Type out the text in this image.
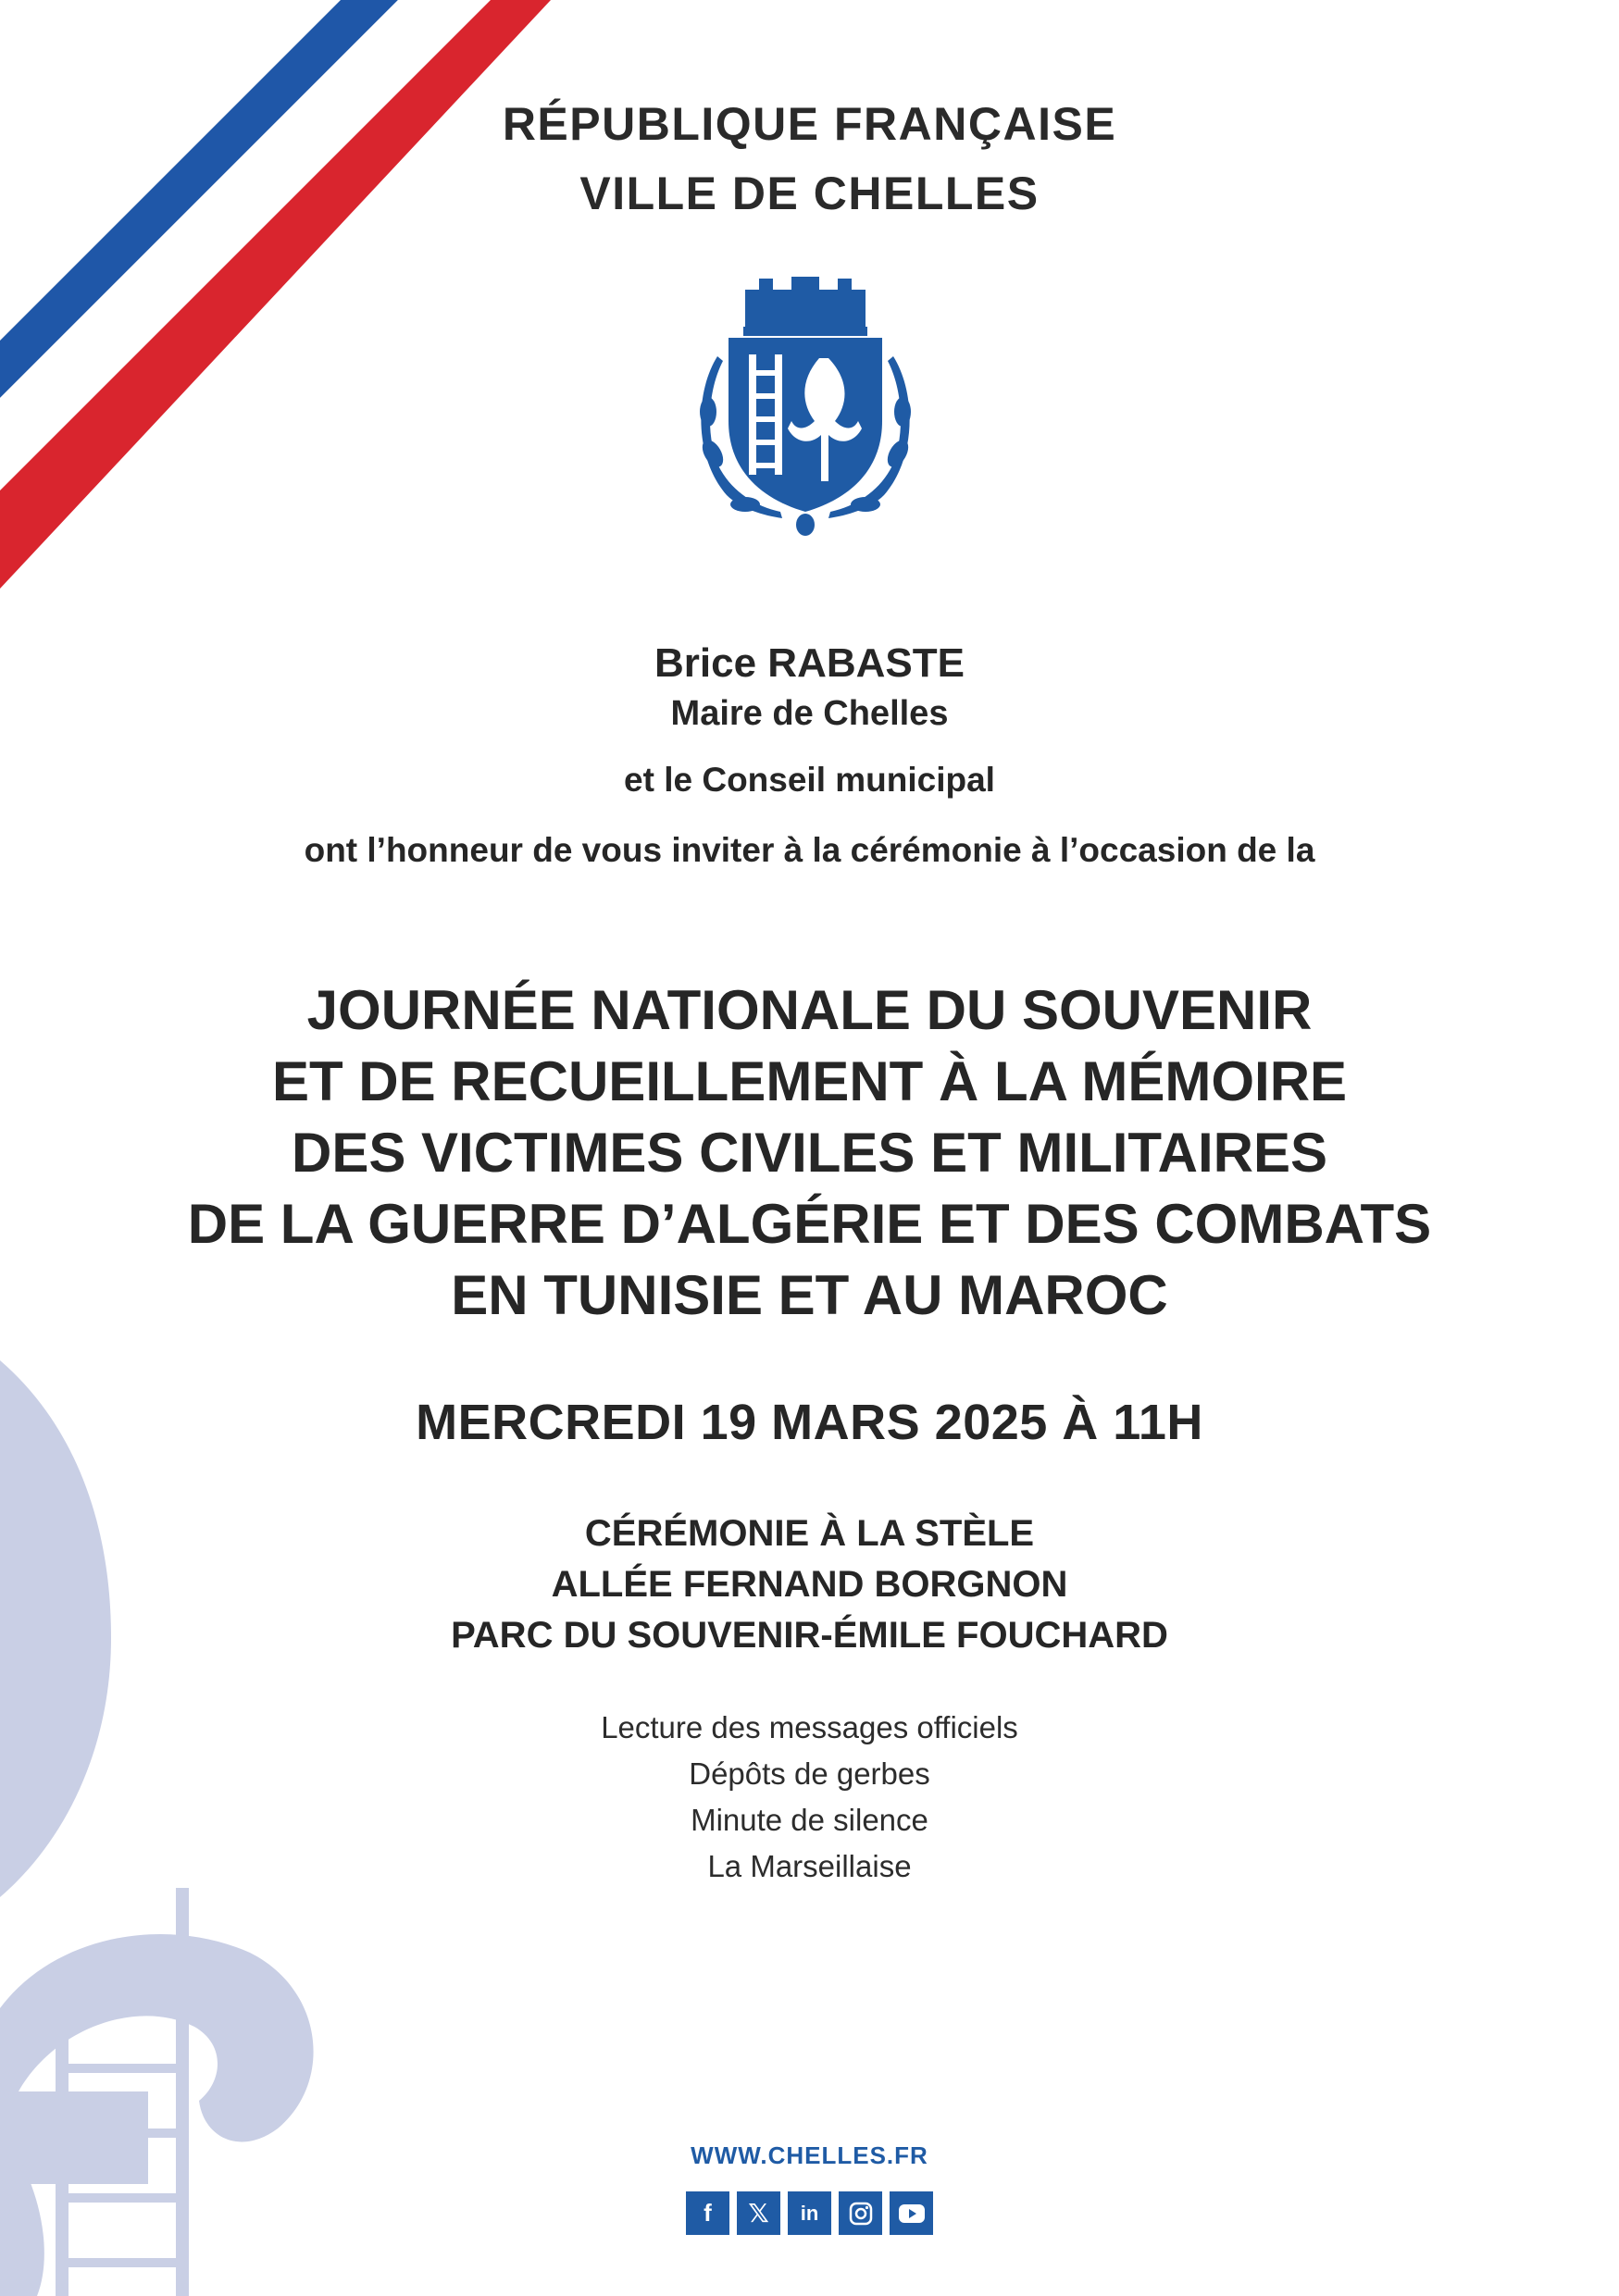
RÉPUBLIQUE FRANÇAISE
VILLE DE CHELLES
Brice RABASTE
Maire de Chelles
et le Conseil municipal
ont l’honneur de vous inviter à la cérémonie à l’occasion de la
JOURNÉE NATIONALE DU SOUVENIR
ET DE RECUEILLEMENT À LA MÉMOIRE
DES VICTIMES CIVILES ET MILITAIRES
DE LA GUERRE D’ALGÉRIE ET DES COMBATS
EN TUNISIE ET AU MAROC
MERCREDI 19 MARS 2025 À 11H
CÉRÉMONIE À LA STÈLE
ALLÉE FERNAND BORGNON
PARC DU SOUVENIR-ÉMILE FOUCHARD
Lecture des messages officiels
Dépôts de gerbes
Minute de silence
La Marseillaise
WWW.CHELLES.FR
f 𝕏 in
